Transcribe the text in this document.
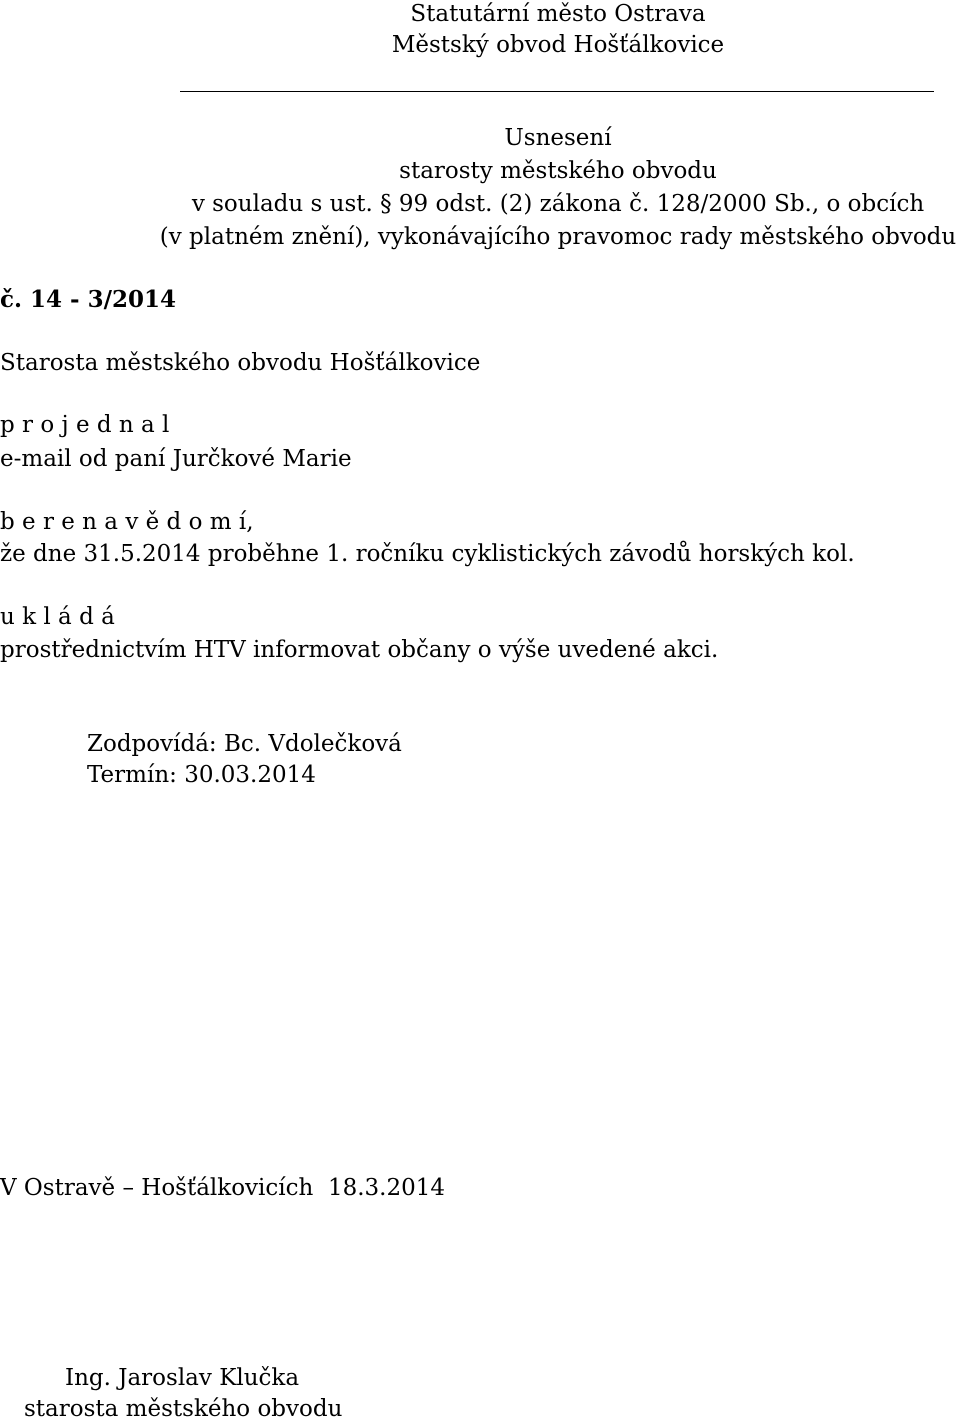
Statutární město Ostrava
Městský obvod Hošťálkovice
Usnesení
starosty městského obvodu
v souladu s ust. § 99 odst. (2) zákona č. 128/2000 Sb., o obcích
(v platném znění), vykonávajícího pravomoc rady městského obvodu
č. 14 - 3/2014
Starosta městského obvodu Hošťálkovice
p r o j e d n a l
e-mail od paní Jurčkové Marie
b e r e n a v ě d o m í,
že dne 31.5.2014 proběhne 1. ročníku cyklistických závodů horských kol.
u k l á d á
prostřednictvím HTV informovat občany o výše uvedené akci.
Zodpovídá: Bc. Vdolečková
Termín: 30.03.2014
V Ostravě – Hošťálkovicích  18.3.2014
Ing. Jaroslav Klučka
starosta městského obvodu
